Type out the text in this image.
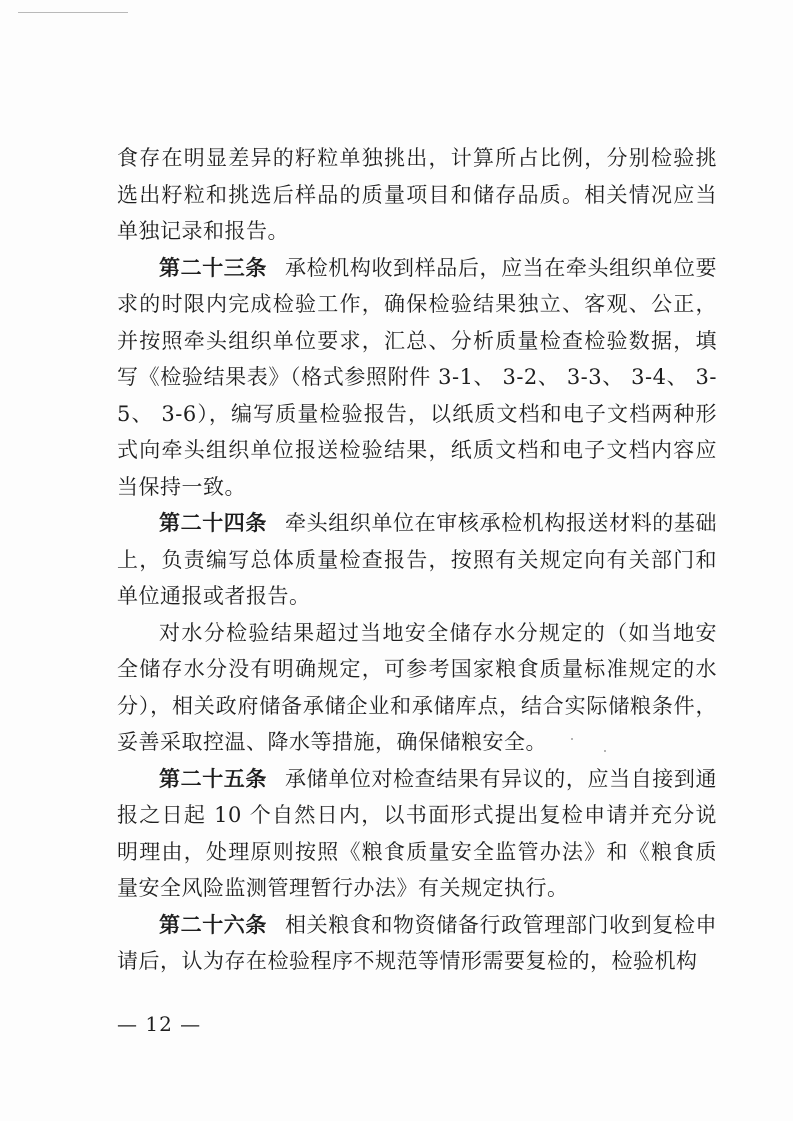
食存在明显差异的籽粒单独挑出，计算所占比例，分别检验挑选出籽粒和挑选后样品的质量项目和储存品质。相关情况应当单独记录和报告。

第二十三条 承检机构收到样品后，应当在牵头组织单位要求的时限内完成检验工作，确保检验结果独立、客观、公正，并按照牵头组织单位要求，汇总、分析质量检查检验数据，填写《检验结果表》（格式参照附件 3-1、 3-2、 3-3、 3-4、 3-5、 3-6），编写质量检验报告，以纸质文档和电子文档两种形式向牵头组织单位报送检验结果，纸质文档和电子文档内容应当保持一致。

第二十四条 牵头组织单位在审核承检机构报送材料的基础上，负责编写总体质量检查报告，按照有关规定向有关部门和单位通报或者报告。

对水分检验结果超过当地安全储存水分规定的（如当地安全储存水分没有明确规定，可参考国家粮食质量标准规定的水分），相关政府储备承储企业和承储库点，结合实际储粮条件，妥善采取控温、降水等措施，确保储粮安全。

第二十五条 承储单位对检查结果有异议的，应当自接到通报之日起 10 个自然日内，以书面形式提出复检申请并充分说明理由，处理原则按照《粮食质量安全监管办法》和《粮食质量安全风险监测管理暂行办法》有关规定执行。

第二十六条 相关粮食和物资储备行政管理部门收到复检申请后，认为存在检验程序不规范等情形需要复检的，检验机构

— 12 —
